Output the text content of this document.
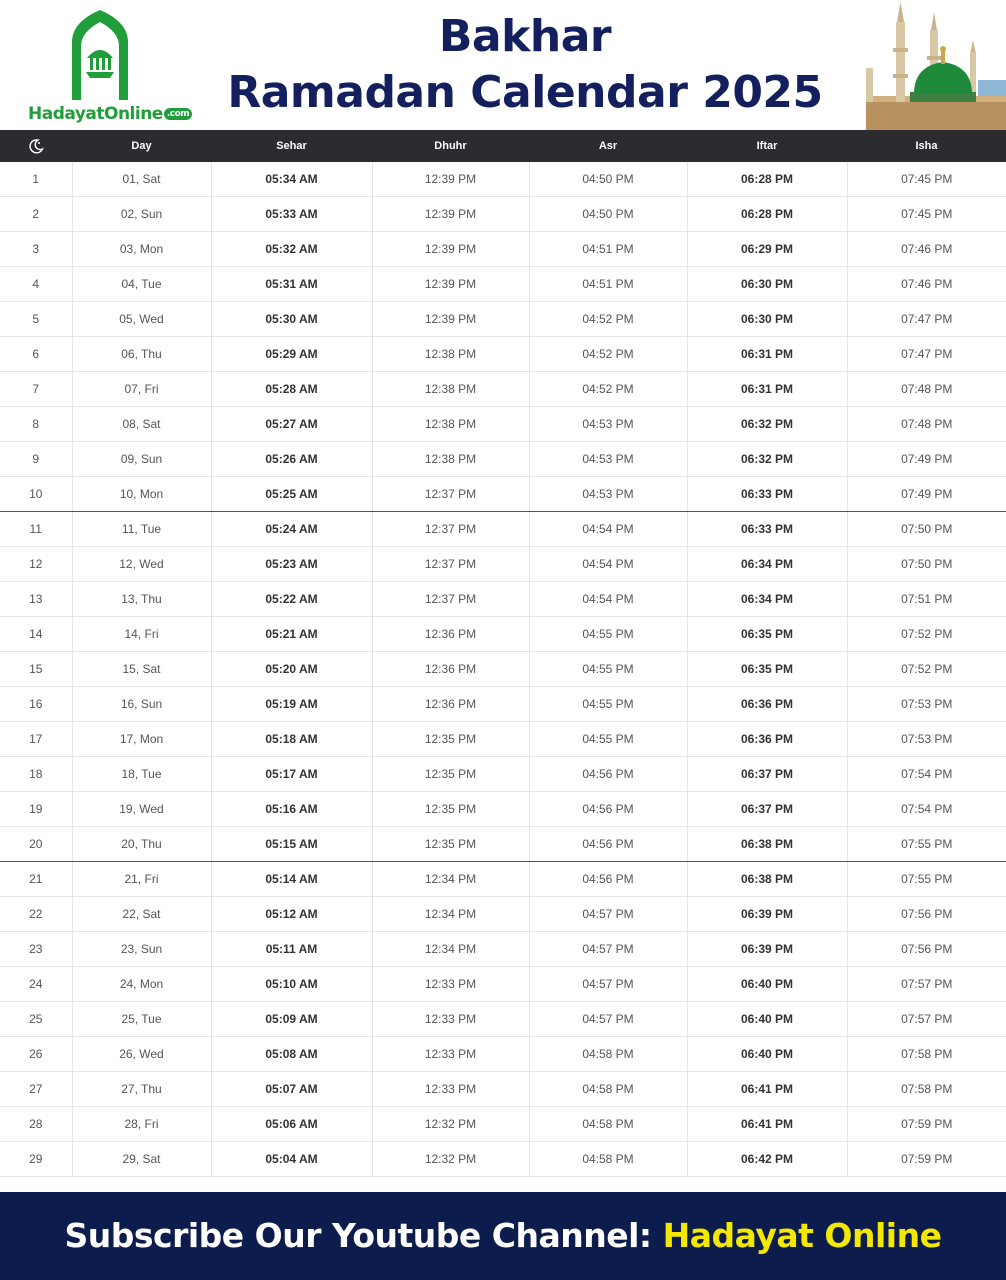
HadayatOnline .com
Bakhar
Ramadan Calendar 2025
	Day	Sehar	Dhuhr	Asr	Iftar	Isha
1	01, Sat	05:34 AM	12:39 PM	04:50 PM	06:28 PM	07:45 PM
2	02, Sun	05:33 AM	12:39 PM	04:50 PM	06:28 PM	07:45 PM
3	03, Mon	05:32 AM	12:39 PM	04:51 PM	06:29 PM	07:46 PM
4	04, Tue	05:31 AM	12:39 PM	04:51 PM	06:30 PM	07:46 PM
5	05, Wed	05:30 AM	12:39 PM	04:52 PM	06:30 PM	07:47 PM
6	06, Thu	05:29 AM	12:38 PM	04:52 PM	06:31 PM	07:47 PM
7	07, Fri	05:28 AM	12:38 PM	04:52 PM	06:31 PM	07:48 PM
8	08, Sat	05:27 AM	12:38 PM	04:53 PM	06:32 PM	07:48 PM
9	09, Sun	05:26 AM	12:38 PM	04:53 PM	06:32 PM	07:49 PM
10	10, Mon	05:25 AM	12:37 PM	04:53 PM	06:33 PM	07:49 PM
11	11, Tue	05:24 AM	12:37 PM	04:54 PM	06:33 PM	07:50 PM
12	12, Wed	05:23 AM	12:37 PM	04:54 PM	06:34 PM	07:50 PM
13	13, Thu	05:22 AM	12:37 PM	04:54 PM	06:34 PM	07:51 PM
14	14, Fri	05:21 AM	12:36 PM	04:55 PM	06:35 PM	07:52 PM
15	15, Sat	05:20 AM	12:36 PM	04:55 PM	06:35 PM	07:52 PM
16	16, Sun	05:19 AM	12:36 PM	04:55 PM	06:36 PM	07:53 PM
17	17, Mon	05:18 AM	12:35 PM	04:55 PM	06:36 PM	07:53 PM
18	18, Tue	05:17 AM	12:35 PM	04:56 PM	06:37 PM	07:54 PM
19	19, Wed	05:16 AM	12:35 PM	04:56 PM	06:37 PM	07:54 PM
20	20, Thu	05:15 AM	12:35 PM	04:56 PM	06:38 PM	07:55 PM
21	21, Fri	05:14 AM	12:34 PM	04:56 PM	06:38 PM	07:55 PM
22	22, Sat	05:12 AM	12:34 PM	04:57 PM	06:39 PM	07:56 PM
23	23, Sun	05:11 AM	12:34 PM	04:57 PM	06:39 PM	07:56 PM
24	24, Mon	05:10 AM	12:33 PM	04:57 PM	06:40 PM	07:57 PM
25	25, Tue	05:09 AM	12:33 PM	04:57 PM	06:40 PM	07:57 PM
26	26, Wed	05:08 AM	12:33 PM	04:58 PM	06:40 PM	07:58 PM
27	27, Thu	05:07 AM	12:33 PM	04:58 PM	06:41 PM	07:58 PM
28	28, Fri	05:06 AM	12:32 PM	04:58 PM	06:41 PM	07:59 PM
29	29, Sat	05:04 AM	12:32 PM	04:58 PM	06:42 PM	07:59 PM
Subscribe Our Youtube Channel: Hadayat Online
